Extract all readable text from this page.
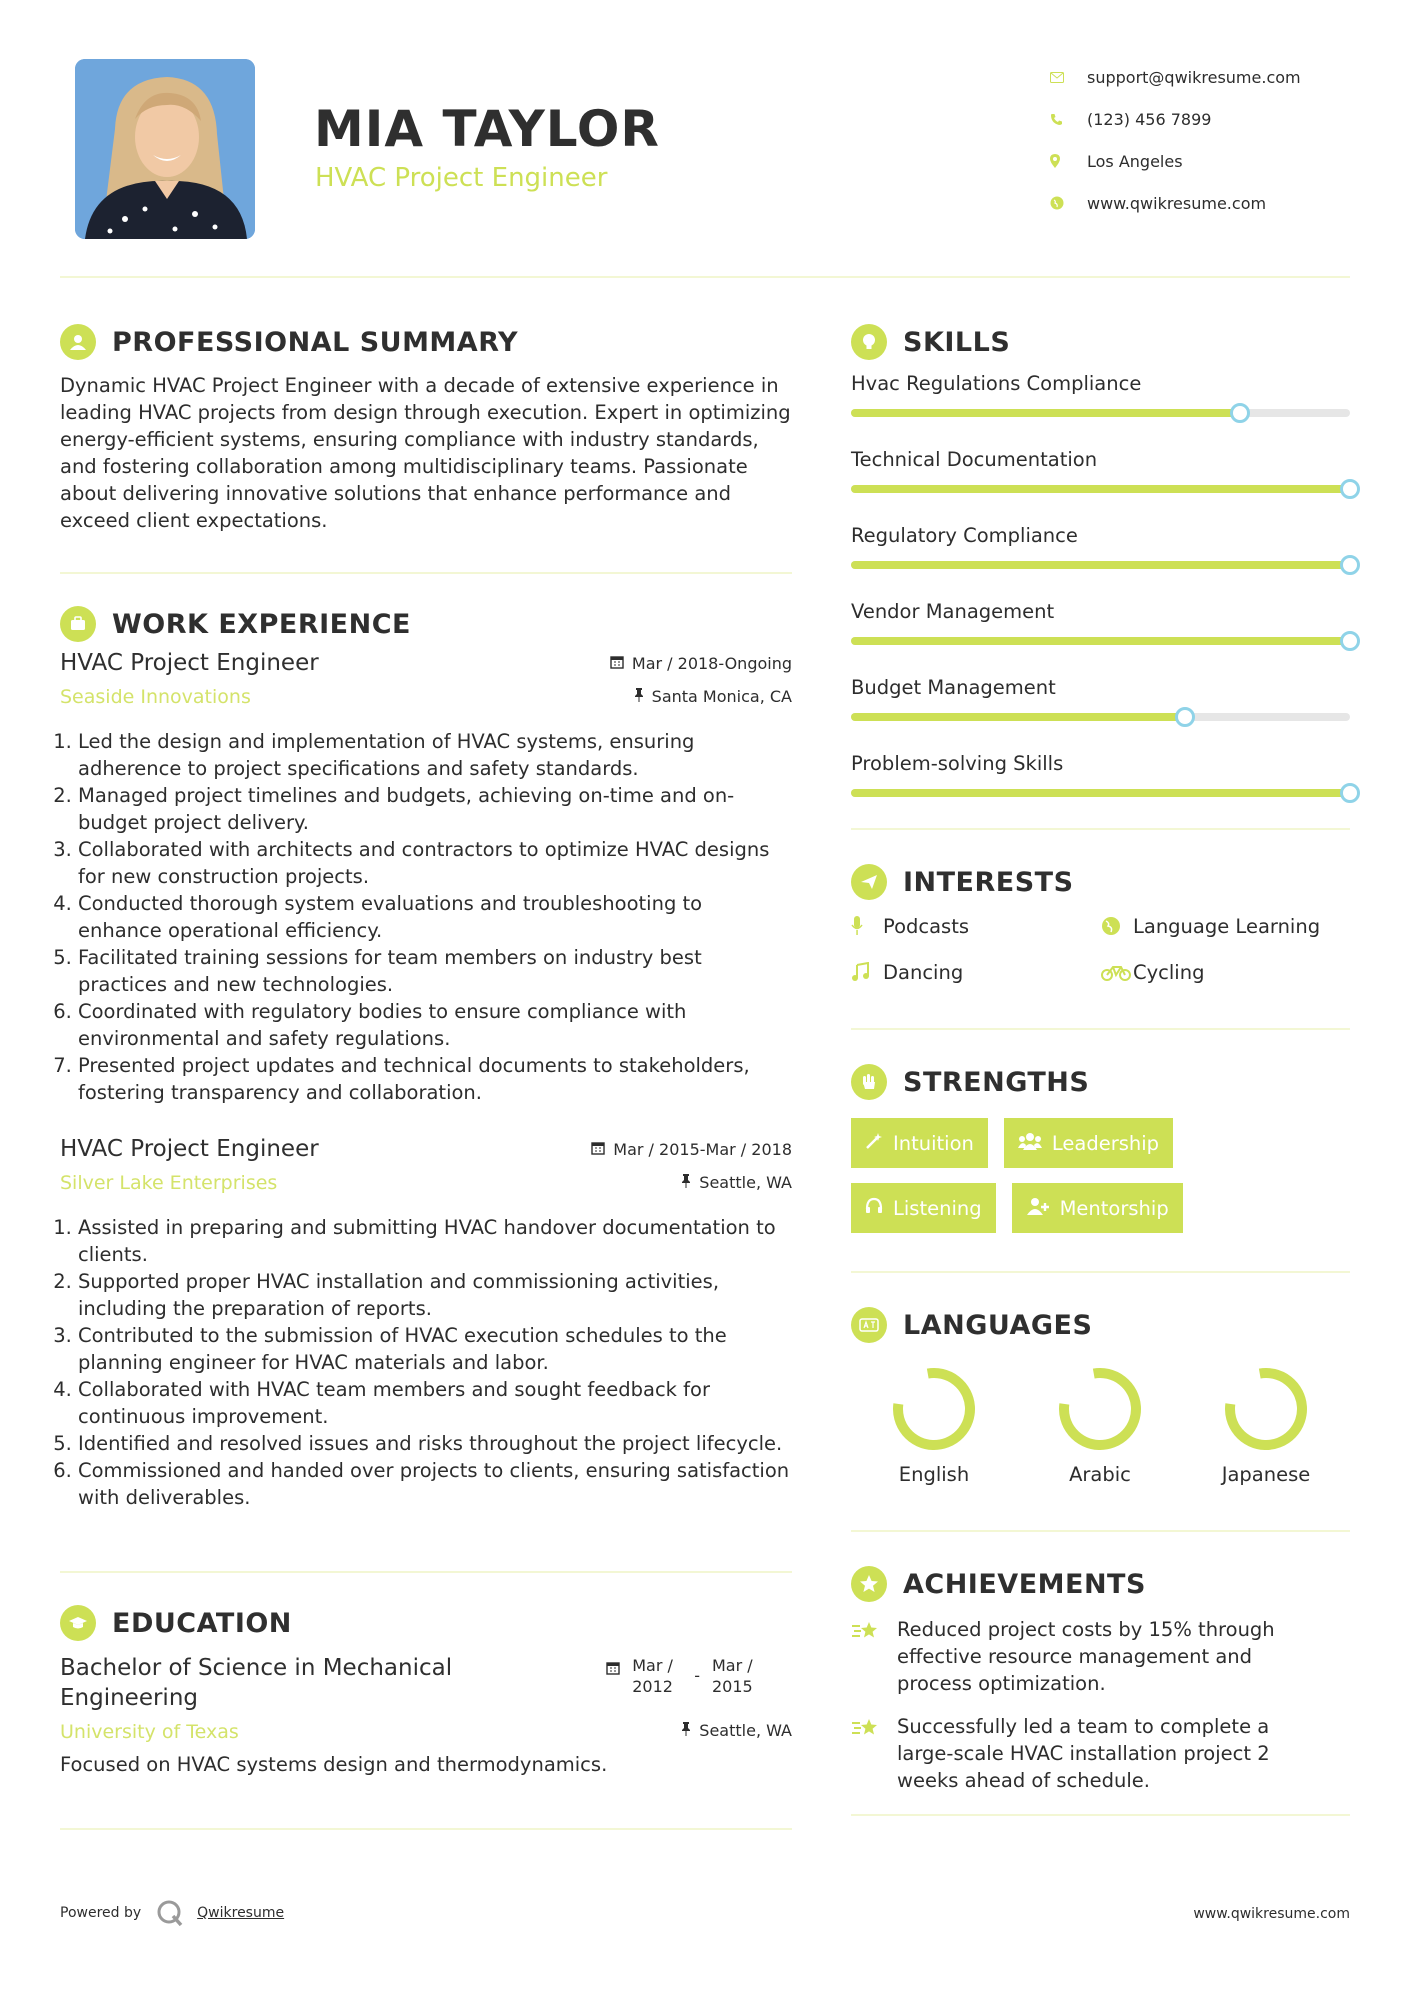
MIA TAYLOR
HVAC Project Engineer
support@qwikresume.com
(123) 456 7899
Los Angeles
www.qwikresume.com
PROFESSIONAL SUMMARY

Dynamic HVAC Project Engineer with a decade of extensive experience in leading HVAC projects from design through execution. Expert in optimizing energy-efficient systems, ensuring compliance with industry standards, and fostering collaboration among multidisciplinary teams. Passionate about delivering innovative solutions that enhance performance and exceed client expectations.

WORK EXPERIENCE
HVAC Project Engineer	Mar / 2018-Ongoing
Seaside Innovations	Santa Monica, CA
1. Led the design and implementation of HVAC systems, ensuring adherence to project specifications and safety standards.
2. Managed project timelines and budgets, achieving on-time and on-budget project delivery.
3. Collaborated with architects and contractors to optimize HVAC designs for new construction projects.
4. Conducted thorough system evaluations and troubleshooting to enhance operational efficiency.
5. Facilitated training sessions for team members on industry best practices and new technologies.
6. Coordinated with regulatory bodies to ensure compliance with environmental and safety regulations.
7. Presented project updates and technical documents to stakeholders, fostering transparency and collaboration.
HVAC Project Engineer	Mar / 2015-Mar / 2018
Silver Lake Enterprises	Seattle, WA
1. Assisted in preparing and submitting HVAC handover documentation to clients.
2. Supported proper HVAC installation and commissioning activities, including the preparation of reports.
3. Contributed to the submission of HVAC execution schedules to the planning engineer for HVAC materials and labor.
4. Collaborated with HVAC team members and sought feedback for continuous improvement.
5. Identified and resolved issues and risks throughout the project lifecycle.
6. Commissioned and handed over projects to clients, ensuring satisfaction with deliverables.
EDUCATION
Bachelor of Science in Mechanical Engineering
Mar / 2012
-
Mar / 2015
University of Texas	Seattle, WA

Focused on HVAC systems design and thermodynamics.

SKILLS
Hvac Regulations Compliance
Technical Documentation
Regulatory Compliance
Vendor Management
Budget Management
Problem-solving Skills
INTERESTS
Podcasts	Language Learning
Dancing	Cycling
STRENGTHS
Intuition	Leadership
Listening	Mentorship
LANGUAGES
English	Arabic	Japanese
ACHIEVEMENTS
Reduced project costs by 15% through effective resource management and process optimization.
Successfully led a team to complete a large-scale HVAC installation project 2 weeks ahead of schedule.
Powered by	Qwikresume	www.qwikresume.com
